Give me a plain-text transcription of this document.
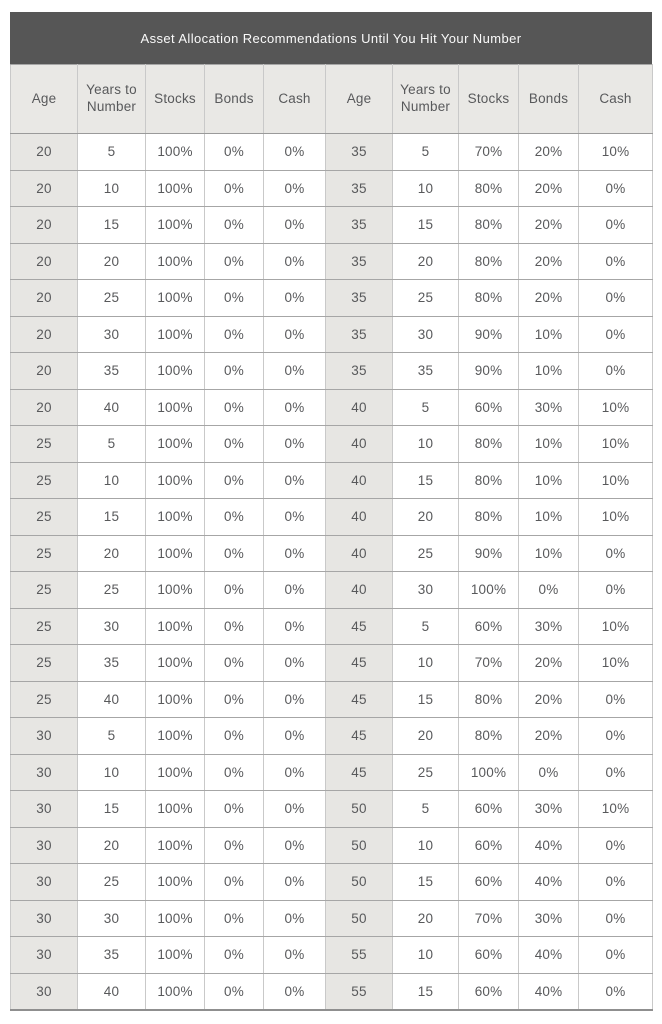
Asset Allocation Recommendations Until You Hit Your Number
Age	Years to Number	Stocks	Bonds	Cash	Age	Years to Number	Stocks	Bonds	Cash
20	5	100%	0%	0%	35	5	70%	20%	10%
20	10	100%	0%	0%	35	10	80%	20%	0%
20	15	100%	0%	0%	35	15	80%	20%	0%
20	20	100%	0%	0%	35	20	80%	20%	0%
20	25	100%	0%	0%	35	25	80%	20%	0%
20	30	100%	0%	0%	35	30	90%	10%	0%
20	35	100%	0%	0%	35	35	90%	10%	0%
20	40	100%	0%	0%	40	5	60%	30%	10%
25	5	100%	0%	0%	40	10	80%	10%	10%
25	10	100%	0%	0%	40	15	80%	10%	10%
25	15	100%	0%	0%	40	20	80%	10%	10%
25	20	100%	0%	0%	40	25	90%	10%	0%
25	25	100%	0%	0%	40	30	100%	0%	0%
25	30	100%	0%	0%	45	5	60%	30%	10%
25	35	100%	0%	0%	45	10	70%	20%	10%
25	40	100%	0%	0%	45	15	80%	20%	0%
30	5	100%	0%	0%	45	20	80%	20%	0%
30	10	100%	0%	0%	45	25	100%	0%	0%
30	15	100%	0%	0%	50	5	60%	30%	10%
30	20	100%	0%	0%	50	10	60%	40%	0%
30	25	100%	0%	0%	50	15	60%	40%	0%
30	30	100%	0%	0%	50	20	70%	30%	0%
30	35	100%	0%	0%	55	10	60%	40%	0%
30	40	100%	0%	0%	55	15	60%	40%	0%
